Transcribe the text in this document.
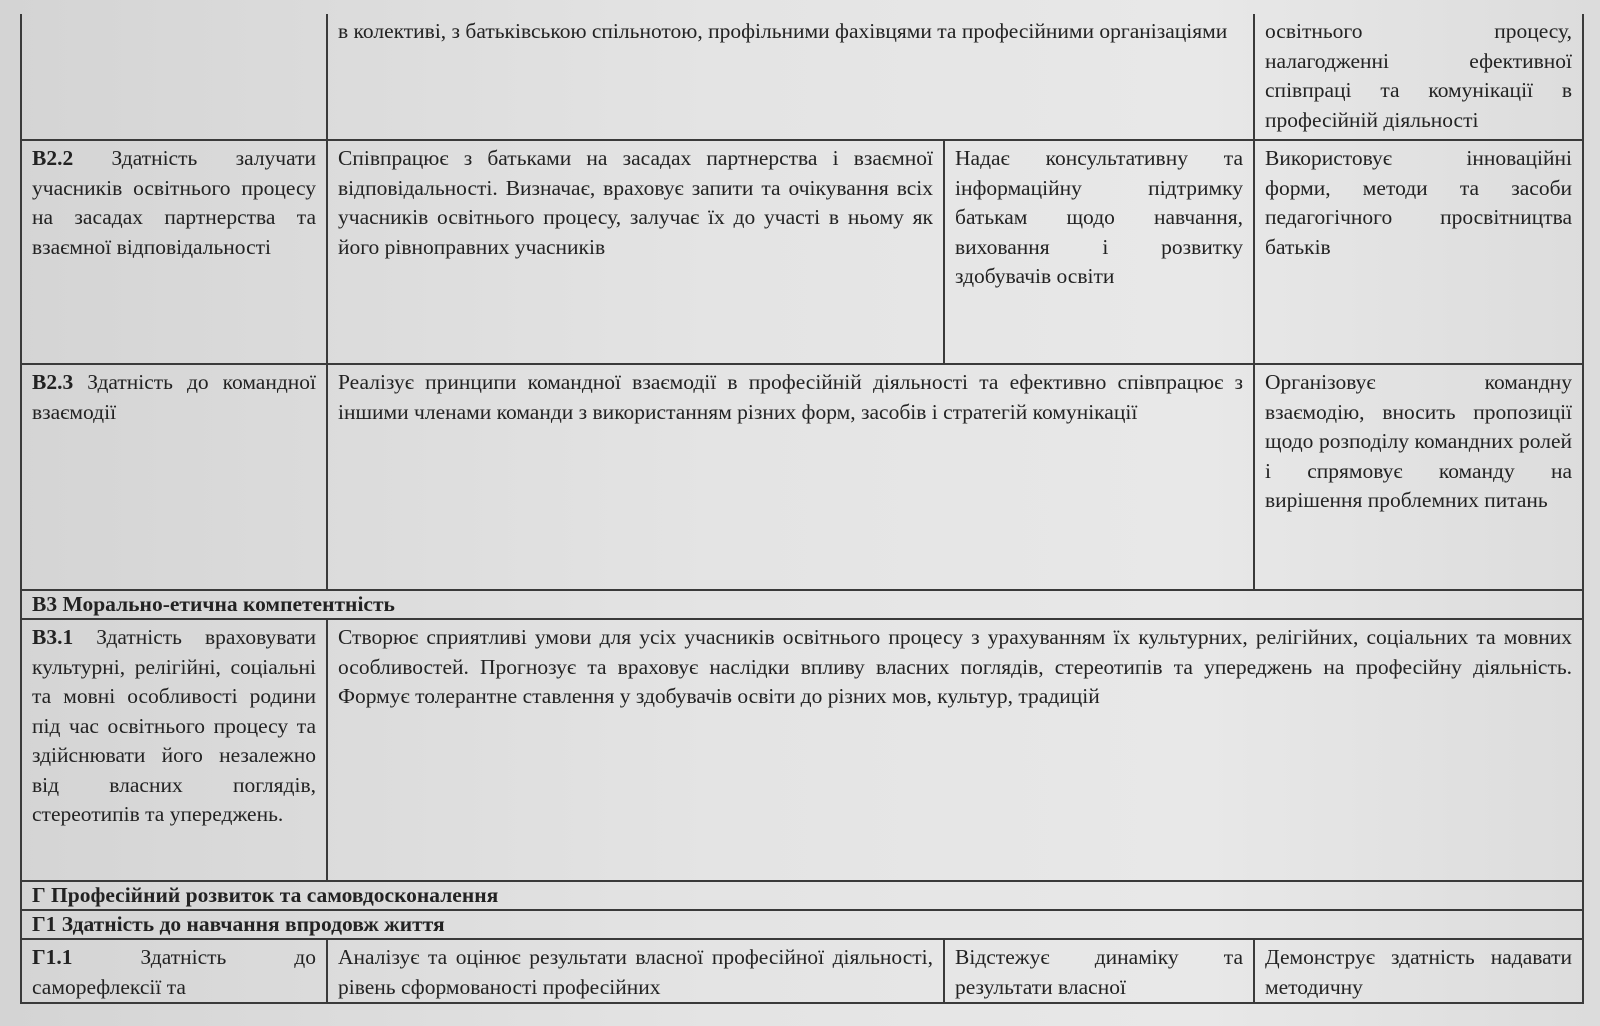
	в колективі, з батьківською спільнотою, профільними фахівцями та професійними організаціями		освітнього процесу, налагодженні ефективної співпраці та комунікації в професійній діяльності
В2.2 Здатність залучати учасників освітнього процесу на засадах партнерства та взаємної відповідальності	Співпрацює з батьками на засадах партнерства і взаємної відповідальності. Визначає, враховує запити та очікування всіх учасників освітнього процесу, залучає їх до участі в ньому як його рівноправних учасників	Надає консультативну та інформаційну підтримку батькам щодо навчання, виховання і розвитку здобувачів освіти	Використовує інноваційні форми, методи та засоби педагогічного просвітництва батьків
В2.3 Здатність до командної взаємодії	Реалізує принципи командної взаємодії в професійній діяльності та ефективно співпрацює з іншими членами команди з використанням різних форм, засобів і стратегій комунікації		Організовує командну взаємодію, вносить пропозиції щодо розподілу командних ролей і спрямовує команду на вирішення проблемних питань
В3 Морально-етична компетентність			
В3.1 Здатність враховувати культурні, релігійні, соціальні та мовні особливості родини під час освітнього процесу та здійснювати його незалежно від власних поглядів, стереотипів та упереджень.	Створює сприятливі умови для усіх учасників освітнього процесу з урахуванням їх культурних, релігійних, соціальних та мовних особливостей. Прогнозує та враховує наслідки впливу власних поглядів, стереотипів та упереджень на професійну діяльність. Формує толерантне ставлення у здобувачів освіти до різних мов, культур, традицій		
Г Професійний розвиток та самовдосконалення			
Г1 Здатність до навчання впродовж життя			
Г1.1 Здатність до саморефлексії та	Аналізує та оцінює результати власної професійної діяльності, рівень сформованості професійних	Відстежує динаміку та результати власної	Демонструє здатність надавати методичну
